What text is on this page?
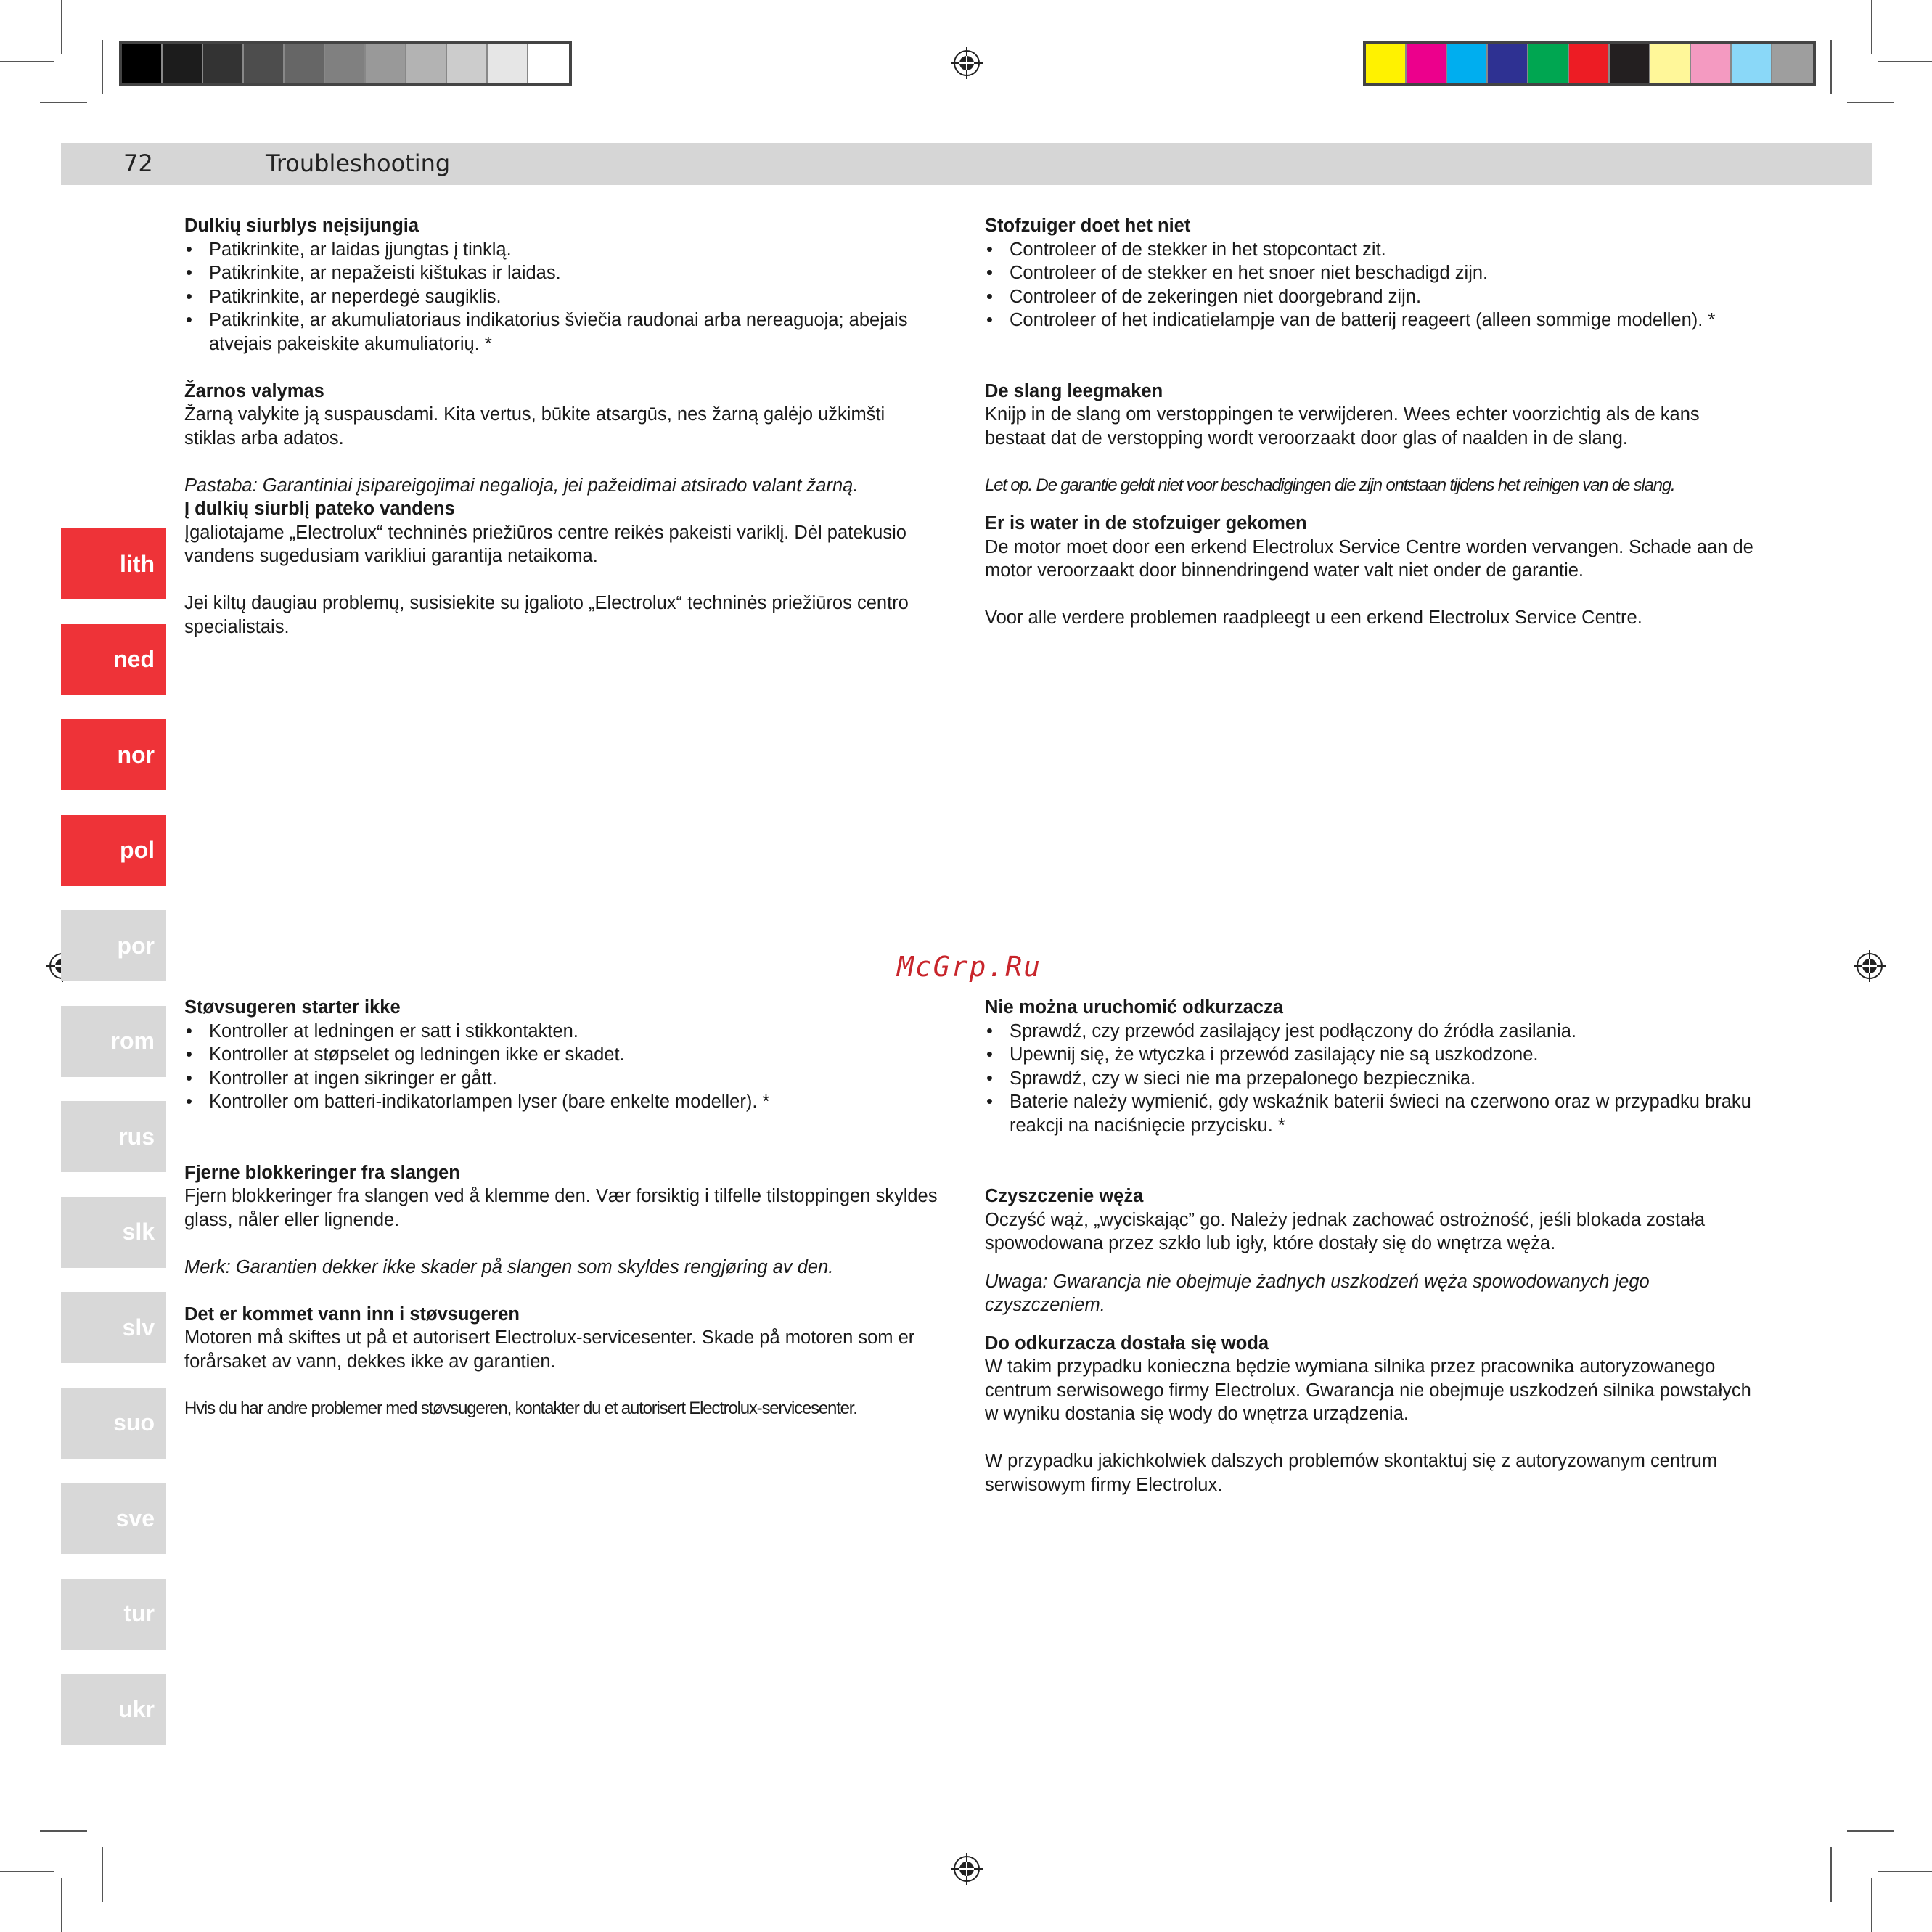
72	Troubleshooting
lith
ned
nor
pol
por
rom
rus
slk
slv
suo
sve
tur
ukr
McGrp.Ru
Dulkių siurblys neįsijungia
• Patikrinkite, ar laidas įjungtas į tinklą.
• Patikrinkite, ar nepažeisti kištukas ir laidas.
• Patikrinkite, ar neperdegė saugiklis.
• Patikrinkite, ar akumuliatoriaus indikatorius šviečia raudonai arba nereaguoja; abejais atvejais pakeiskite akumuliatorių. *
Žarnos valymas

Žarną valykite ją suspausdami. Kita vertus, būkite atsargūs, nes žarną galėjo užkimšti stiklas arba adatos.

Pastaba: Garantiniai įsipareigojimai negalioja, jei pažeidimai atsirado valant žarną.

Į dulkių siurblį pateko vandens

Įgaliotajame „Electrolux“ techninės priežiūros centre reikės pakeisti variklį. Dėl patekusio vandens sugedusiam varikliui garantija netaikoma.

Jei kiltų daugiau problemų, susisiekite su įgalioto „Electrolux“ techninės priežiūros centro specialistais.

Stofzuiger doet het niet
• Controleer of de stekker in het stopcontact zit.
• Controleer of de stekker en het snoer niet beschadigd zijn.
• Controleer of de zekeringen niet doorgebrand zijn.
• Controleer of het indicatielampje van de batterij reageert (alleen sommige modellen). *
De slang leegmaken

Knijp in de slang om verstoppingen te verwijderen. Wees echter voorzichtig als de kans bestaat dat de verstopping wordt veroorzaakt door glas of naalden in de slang.

Let op. De garantie geldt niet voor beschadigingen die zijn ontstaan tijdens het reinigen van de slang.

Er is water in de stofzuiger gekomen

De motor moet door een erkend Electrolux Service Centre worden vervangen. Schade aan de motor veroorzaakt door binnendringend water valt niet onder de garantie.

Voor alle verdere problemen raadpleegt u een erkend Electrolux Service Centre.

Støvsugeren starter ikke
• Kontroller at ledningen er satt i stikkontakten.
• Kontroller at støpselet og ledningen ikke er skadet.
• Kontroller at ingen sikringer er gått.
• Kontroller om batteri-indikatorlampen lyser (bare enkelte modeller). *
Fjerne blokkeringer fra slangen

Fjern blokkeringer fra slangen ved å klemme den. Vær forsiktig i tilfelle tilstoppingen skyldes glass, nåler eller lignende.

Merk: Garantien dekker ikke skader på slangen som skyldes rengjøring av den.

Det er kommet vann inn i støvsugeren

Motoren må skiftes ut på et autorisert Electrolux-servicesenter. Skade på motoren som er forårsaket av vann, dekkes ikke av garantien.

Hvis du har andre problemer med støvsugeren, kontakter du et autorisert Electrolux-servicesenter.

Nie można uruchomić odkurzacza
• Sprawdź, czy przewód zasilający jest podłączony do źródła zasilania.
• Upewnij się, że wtyczka i przewód zasilający nie są uszkodzone.
• Sprawdź, czy w sieci nie ma przepalonego bezpiecznika.
• Baterie należy wymienić, gdy wskaźnik baterii świeci na czerwono oraz w przypadku braku reakcji na naciśnięcie przycisku. *
Czyszczenie węża

Oczyść wąż, „wyciskając” go. Należy jednak zachować ostrożność, jeśli blokada została spowodowana przez szkło lub igły, które dostały się do wnętrza węża.

Uwaga: Gwarancja nie obejmuje żadnych uszkodzeń węża spowodowanych jego czyszczeniem.

Do odkurzacza dostała się woda

W takim przypadku konieczna będzie wymiana silnika przez pracownika autoryzowanego centrum serwisowego firmy Electrolux. Gwarancja nie obejmuje uszkodzeń silnika powstałych w wyniku dostania się wody do wnętrza urządzenia.

W przypadku jakichkolwiek dalszych problemów skontaktuj się z autoryzowanym centrum serwisowym firmy Electrolux.
